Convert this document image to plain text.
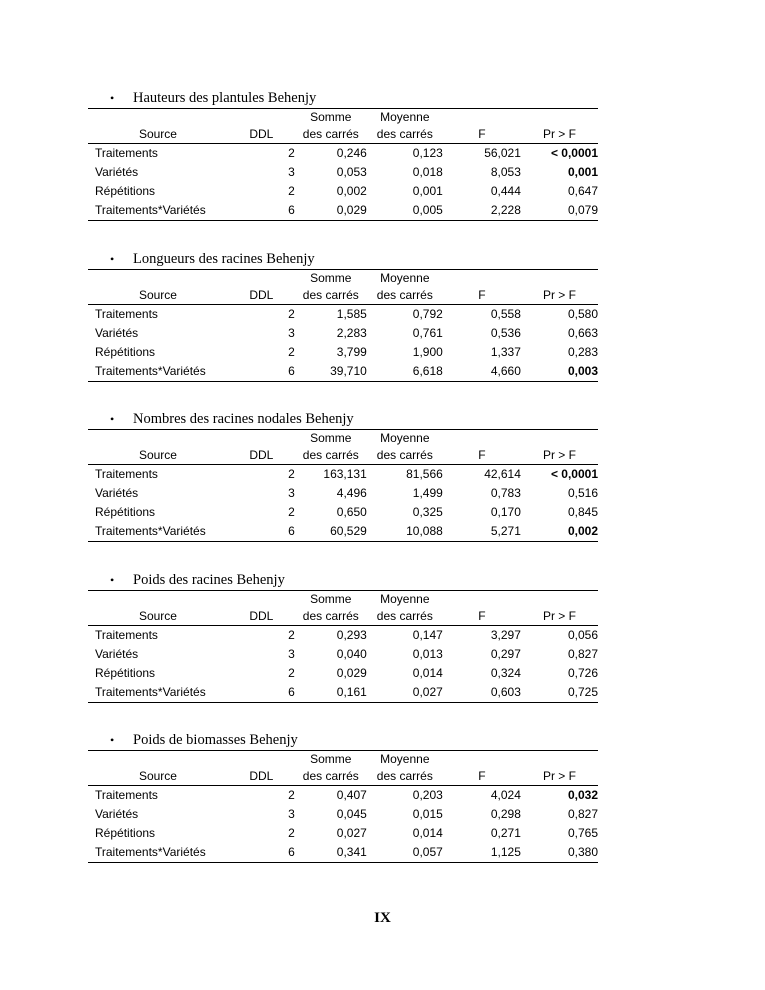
• Hauteurs des plantules Behenjy
		Somme	Moyenne		
Source	DDL	des carrés	des carrés	F	Pr > F
Traitements	2	0,246	0,123	56,021	< 0,0001
Variétés	3	0,053	0,018	8,053	0,001
Répétitions	2	0,002	0,001	0,444	0,647
Traitements*Variétés	6	0,029	0,005	2,228	0,079
• Longueurs des racines Behenjy
		Somme	Moyenne		
Source	DDL	des carrés	des carrés	F	Pr > F
Traitements	2	1,585	0,792	0,558	0,580
Variétés	3	2,283	0,761	0,536	0,663
Répétitions	2	3,799	1,900	1,337	0,283
Traitements*Variétés	6	39,710	6,618	4,660	0,003
• Nombres des racines nodales Behenjy
		Somme	Moyenne		
Source	DDL	des carrés	des carrés	F	Pr > F
Traitements	2	163,131	81,566	42,614	< 0,0001
Variétés	3	4,496	1,499	0,783	0,516
Répétitions	2	0,650	0,325	0,170	0,845
Traitements*Variétés	6	60,529	10,088	5,271	0,002
• Poids des racines Behenjy
		Somme	Moyenne		
Source	DDL	des carrés	des carrés	F	Pr > F
Traitements	2	0,293	0,147	3,297	0,056
Variétés	3	0,040	0,013	0,297	0,827
Répétitions	2	0,029	0,014	0,324	0,726
Traitements*Variétés	6	0,161	0,027	0,603	0,725
• Poids de biomasses Behenjy
		Somme	Moyenne		
Source	DDL	des carrés	des carrés	F	Pr > F
Traitements	2	0,407	0,203	4,024	0,032
Variétés	3	0,045	0,015	0,298	0,827
Répétitions	2	0,027	0,014	0,271	0,765
Traitements*Variétés	6	0,341	0,057	1,125	0,380
IX
